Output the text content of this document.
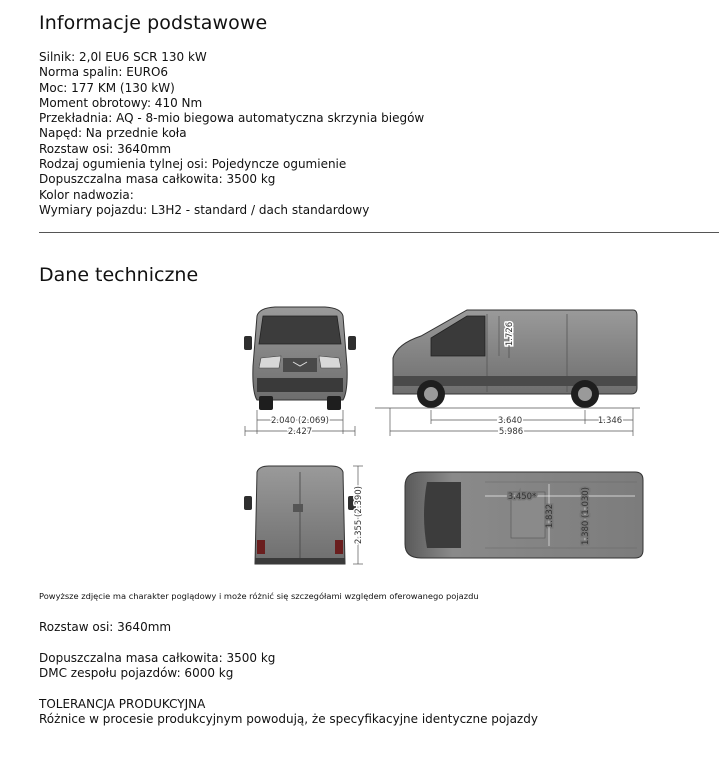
Informacje podstawowe
Silnik: 2,0l EU6 SCR 130 kW
Norma spalin: EURO6
Moc: 177 KM (130 kW)
Moment obrotowy: 410 Nm
Przekładnia: AQ - 8-mio biegowa automatyczna skrzynia biegów
Napęd: Na przednie koła
Rozstaw osi: 3640mm
Rodzaj ogumienia tylnej osi: Pojedyncze ogumienie
Dopuszczalna masa całkowita: 3500 kg
Kolor nadwozia:
Wymiary pojazdu: L3H2 - standard / dach standardowy
Dane techniczne
2.040 (2.069)
2.427
1.726
3.640	1.346
5.986
2.355 (2.390)	3.450*
1.832	1.380 (1.030)
Powyższe zdjęcie ma charakter poglądowy i może różnić się szczegółami względem oferowanego pojazdu
Rozstaw osi: 3640mm
Dopuszczalna masa całkowita: 3500 kg
DMC zespołu pojazdów: 6000 kg
TOLERANCJA PRODUKCYJNA
Różnice w procesie produkcyjnym powodują, że specyfikacyjne identyczne pojazdy
